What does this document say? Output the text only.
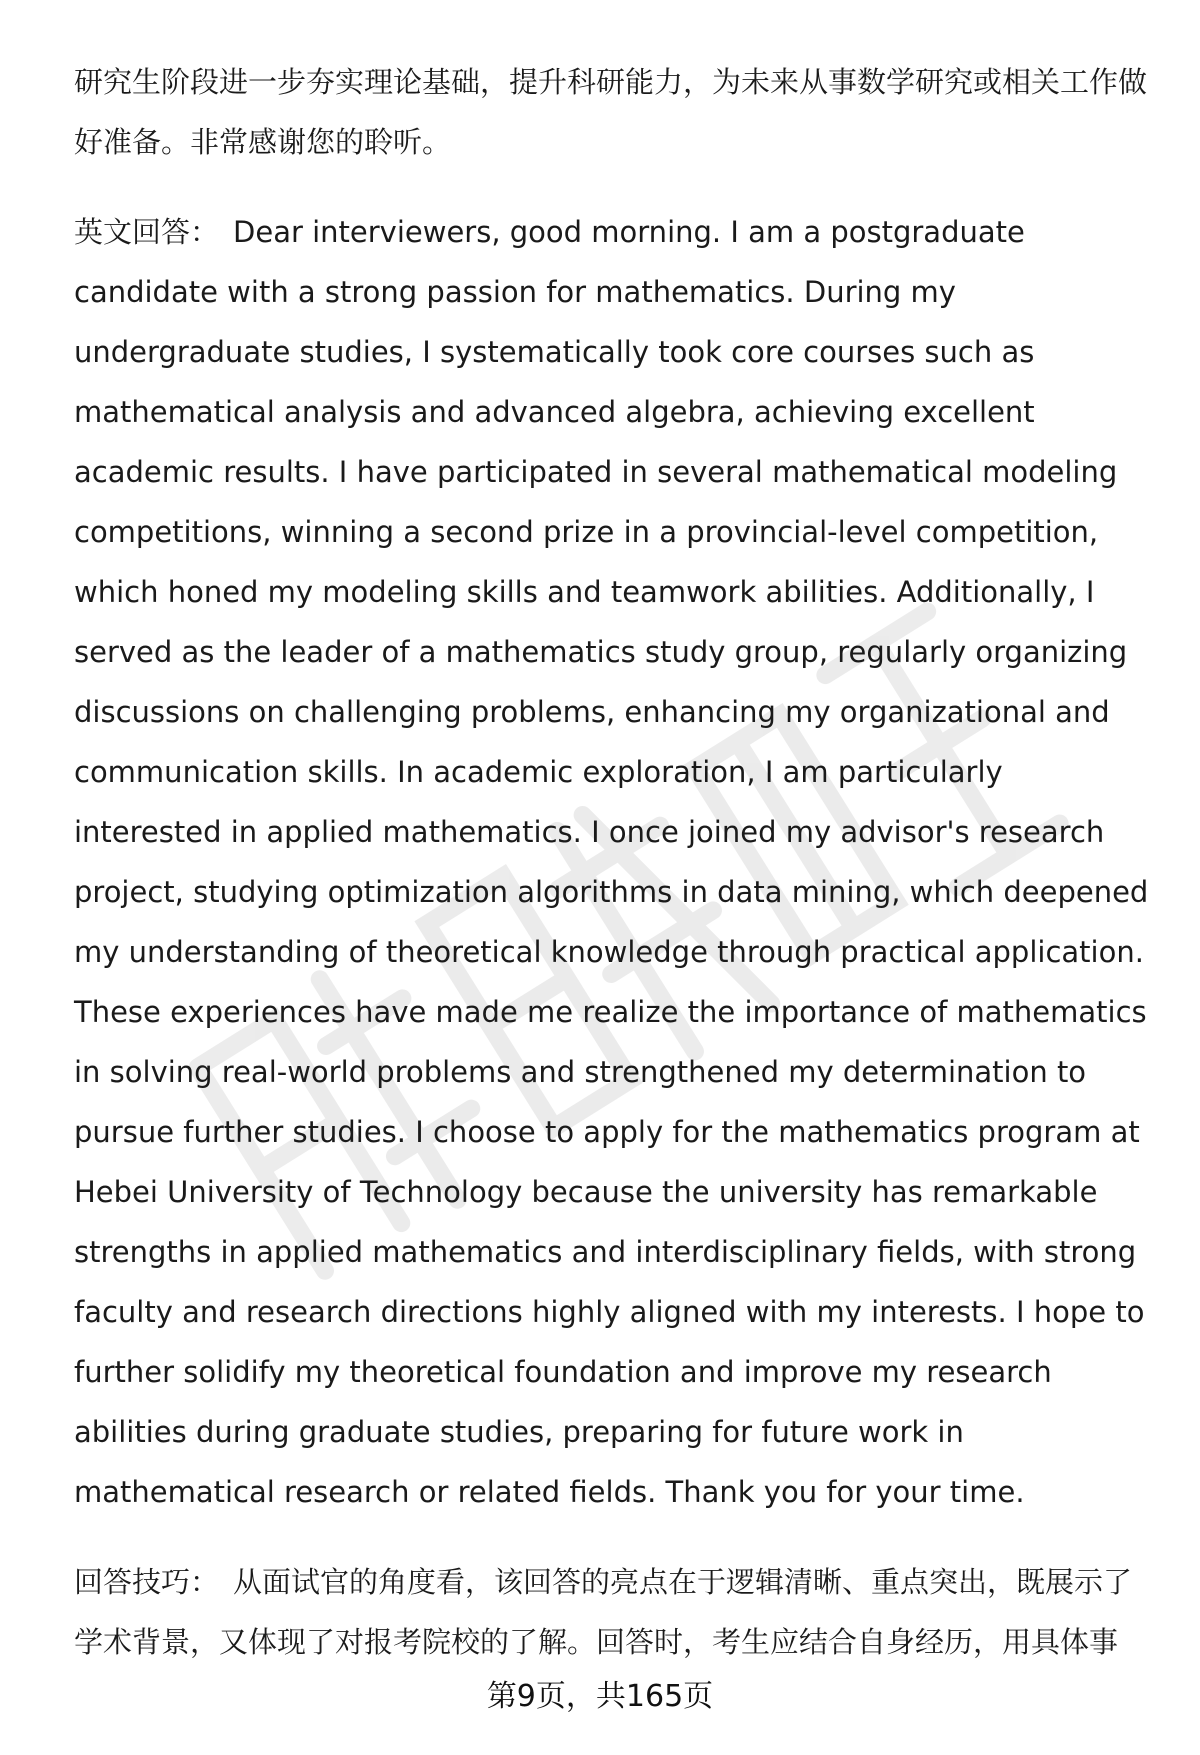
研究生阶段进一步夯实理论基础，提升科研能力，为未来从事数学研究或相关工作做好准备。非常感谢您的聆听。

英文回答： Dear interviewers, good morning. I am a postgraduate candidate with a strong passion for mathematics. During my undergraduate studies, I systematically took core courses such as mathematical analysis and advanced algebra, achieving excellent academic results. I have participated in several mathematical modeling competitions, winning a second prize in a provincial-level competition, which honed my modeling skills and teamwork abilities. Additionally, I served as the leader of a mathematics study group, regularly organizing discussions on challenging problems, enhancing my organizational and communication skills. In academic exploration, I am particularly interested in applied mathematics. I once joined my advisor's research project, studying optimization algorithms in data mining, which deepened my understanding of theoretical knowledge through practical application. These experiences have made me realize the importance of mathematics in solving real-world problems and strengthened my determination to pursue further studies. I choose to apply for the mathematics program at Hebei University of Technology because the university has remarkable strengths in applied mathematics and interdisciplinary fields, with strong faculty and research directions highly aligned with my interests. I hope to further solidify my theoretical foundation and improve my research abilities during graduate studies, preparing for future work in mathematical research or related fields. Thank you for your time.

回答技巧： 从面试官的角度看，该回答的亮点在于逻辑清晰、重点突出，既展示了学术背景，又体现了对报考院校的了解。回答时，考生应结合自身经历，用具体事

第9页，共165页
